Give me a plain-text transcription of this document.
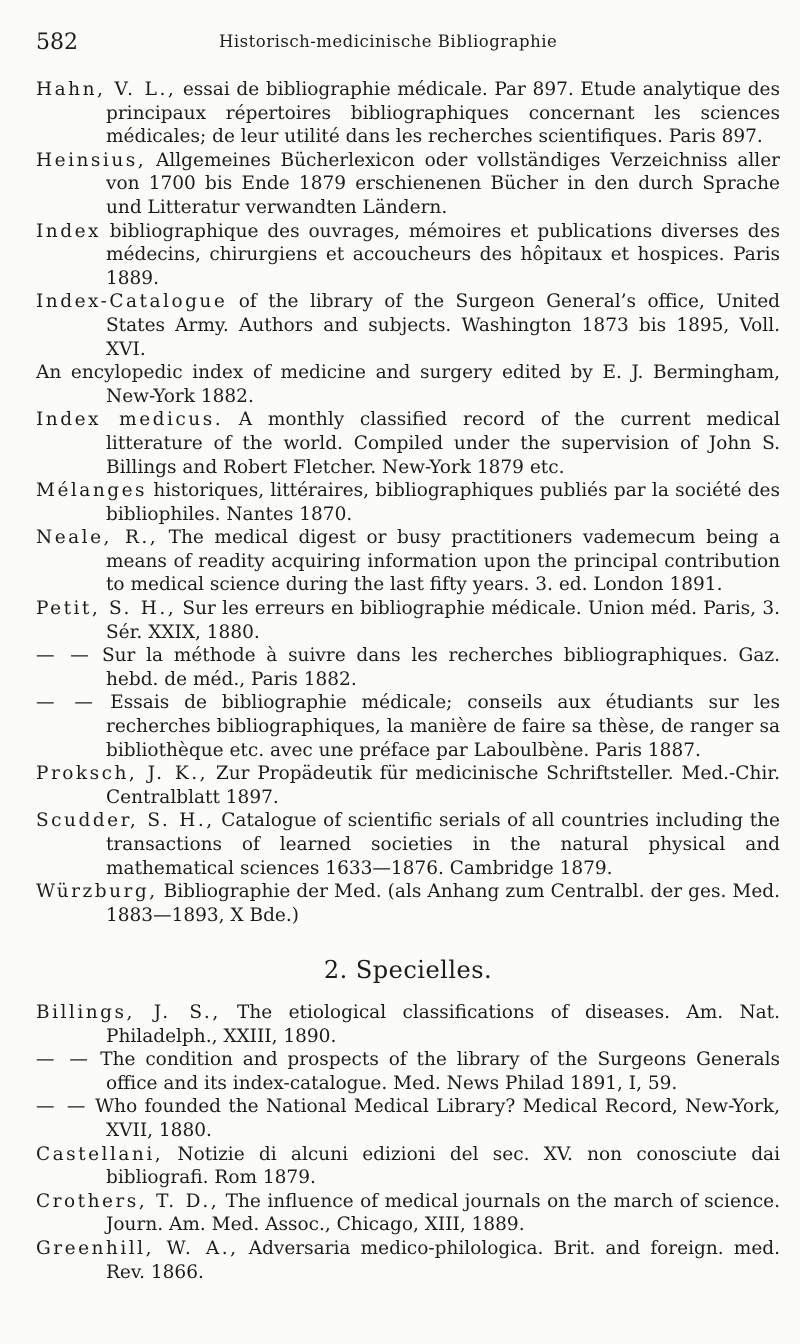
582	Historisch-medicinische Bibliographie

Hahn, V. L., essai de bibliographie médicale. Par 897. Etude analytique des principaux répertoires bibliographiques concernant les sciences médicales; de leur utilité dans les recherches scientifiques. Paris 897.

Heinsius, Allgemeines Bücherlexicon oder vollständiges Verzeichniss aller von 1700 bis Ende 1879 erschienenen Bücher in den durch Sprache und Litteratur verwandten Ländern.

Index bibliographique des ouvrages, mémoires et publications diverses des médecins, chirurgiens et accoucheurs des hôpitaux et hospices. Paris 1889.

Index-Catalogue of the library of the Surgeon General’s office, United States Army. Authors and subjects. Washington 1873 bis 1895, Voll. XVI.

An encylopedic index of medicine and surgery edited by E. J. Bermingham, New-York 1882.

Index medicus. A monthly classified record of the current medical litterature of the world. Compiled under the supervision of John S. Billings and Robert Fletcher. New-York 1879 etc.

Mélanges historiques, littéraires, bibliographiques publiés par la société des bibliophiles. Nantes 1870.

Neale, R., The medical digest or busy practitioners vademecum being a means of readity acquiring information upon the principal contribution to medical science during the last fifty years. 3. ed. London 1891.

Petit, S. H., Sur les erreurs en bibliographie médicale. Union méd. Paris, 3. Sér. XXIX, 1880.

— — Sur la méthode à suivre dans les recherches bibliographiques. Gaz. hebd. de méd., Paris 1882.

— — Essais de bibliographie médicale; conseils aux étudiants sur les recherches bibliographiques, la manière de faire sa thèse, de ranger sa bibliothèque etc. avec une préface par Laboulbène. Paris 1887.

Proksch, J. K., Zur Propädeutik für medicinische Schriftsteller. Med.-Chir. Centralblatt 1897.

Scudder, S. H., Catalogue of scientific serials of all countries including the transactions of learned societies in the natural physical and mathematical sciences 1633—1876. Cambridge 1879.

Würzburg, Bibliographie der Med. (als Anhang zum Centralbl. der ges. Med. 1883—1893, X Bde.)

2. Specielles.

Billings, J. S., The etiological classifications of diseases. Am. Nat. Philadelph., XXIII, 1890.

— — The condition and prospects of the library of the Surgeons Generals office and its index-catalogue. Med. News Philad 1891, I, 59.

— — Who founded the National Medical Library? Medical Record, New-York, XVII, 1880.

Castellani, Notizie di alcuni edizioni del sec. XV. non conosciute dai bibliografi. Rom 1879.

Crothers, T. D., The influence of medical journals on the march of science. Journ. Am. Med. Assoc., Chicago, XIII, 1889.

Greenhill, W. A., Adversaria medico-philologica. Brit. and foreign. med. Rev. 1866.
